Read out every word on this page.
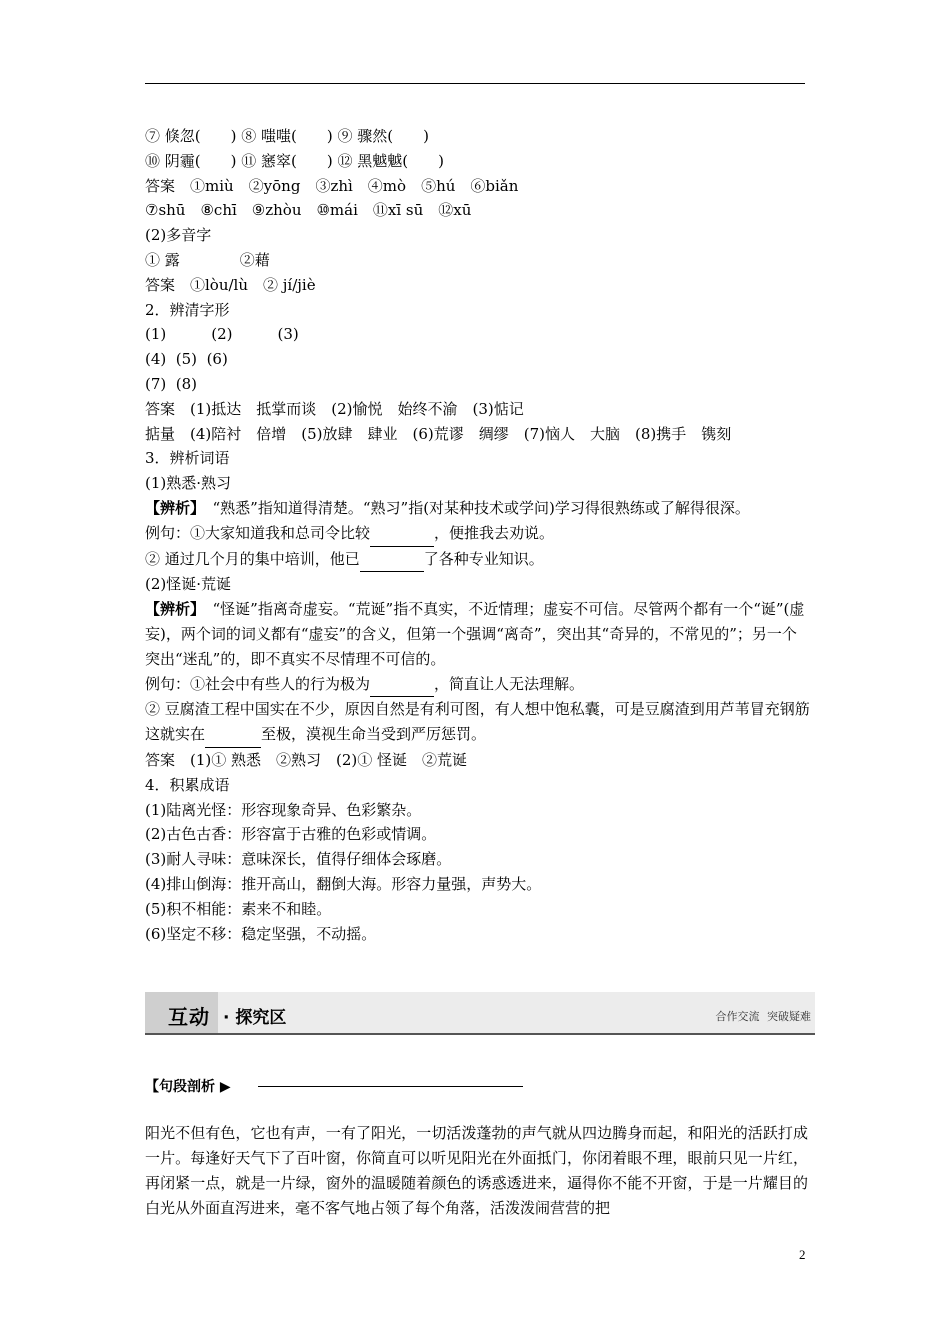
⑦ 倏忽(　　) ⑧ 嗤嗤(　　) ⑨ 骤然(　　)
⑩ 阴霾(　　) ⑪ 窸窣(　　) ⑫ 黑魆魆(　　)
答案　①miù　②yōng　③zhì　④mò　⑤hú　⑥biǎn
⑦shū　⑧chī　⑨zhòu　⑩mái　⑪xī sū　⑫xū
(2)多音字
① 露　　　　②藉
答案　①lòu/lù　② jí/jiè
2．辨清字形
(1)　　　(2)　　　(3)
(4)  (5)  (6)
(7)  (8)
答案　(1)抵达　抵掌而谈　(2)愉悦　始终不渝　(3)惦记
掂量　(4)陪衬　倍增　(5)放肆　肆业　(6)荒谬　绸缪　(7)恼人　大脑　(8)携手　镌刻
3．辨析词语
(1)熟悉·熟习
【辨析】　“熟悉”指知道得清楚。“熟习”指(对某种技术或学问)学习得很熟练或了解得很深。
例句：①大家知道我和总司令比较	，便推我去劝说。
② 通过几个月的集中培训，他已	了各种专业知识。
(2)怪诞·荒诞
【辨析】　“怪诞”指离奇虚妄。“荒诞”指不真实，不近情理；虚妄不可信。尽管两个都有一个“诞”(虚妄)，两个词的词义都有“虚妄”的含义，但第一个强调“离奇”，突出其“奇异的，不常见的”；另一个突出“迷乱”的，即不真实不尽情理不可信的。
例句：①社会中有些人的行为极为	，简直让人无法理解。
② 豆腐渣工程中国实在不少，原因自然是有利可图，有人想中饱私囊，可是豆腐渣到用芦苇冒充钢筋这就实在	至极，漠视生命当受到严厉惩罚。
答案　(1)① 熟悉　②熟习　(2)① 怪诞　②荒诞
4．积累成语
(1)陆离光怪：形容现象奇异、色彩繁杂。
(2)古色古香：形容富于古雅的色彩或情调。
(3)耐人寻味：意味深长，值得仔细体会琢磨。
(4)排山倒海：推开高山，翻倒大海。形容力量强，声势大。
(5)积不相能：素来不和睦。
(6)坚定不移：稳定坚强，不动摇。
互动 · 探究区	合作交流 突破疑难
【句段剖析 ▶
阳光不但有色，它也有声，一有了阳光，一切活泼蓬勃的声气就从四边腾身而起，和阳光的活跃打成一片。每逢好天气下了百叶窗，你简直可以听见阳光在外面抵门，你闭着眼不理，眼前只见一片红，再闭紧一点，就是一片绿，窗外的温暖随着颜色的诱惑透进来，逼得你不能不开窗，于是一片耀目的白光从外面直泻进来，毫不客气地占领了每个角落，活泼泼闹营营的把
2
